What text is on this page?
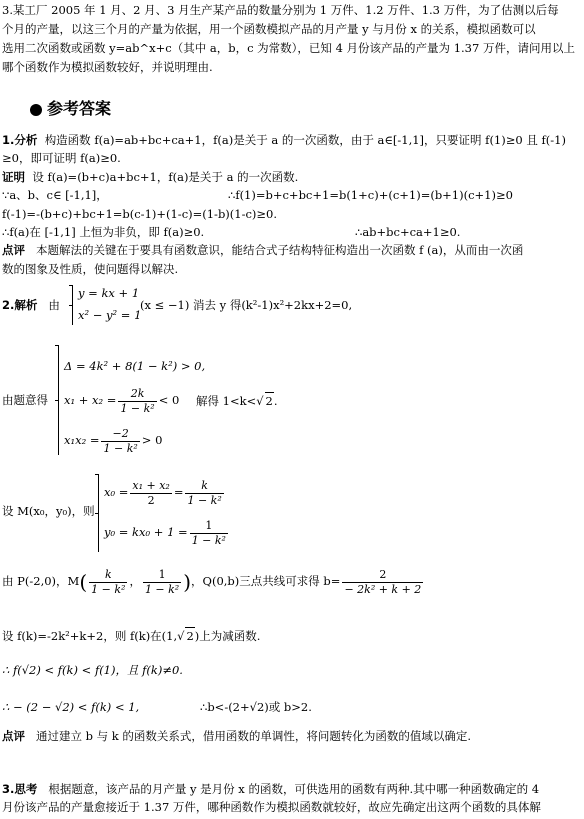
3.某工厂 2005 年 1 月、2 月、3 月生产某产品的数量分别为 1 万件、1.2 万件、1.3 万件，为了估测以后每
个月的产量，以这三个月的产量为依据，用一个函数模拟产品的月产量 y 与月份 x 的关系，模拟函数可以
选用二次函数或函数 y=ab^x+c（其中 a，b，c 为常数），已知 4 月份该产品的产量为 1.37 万件，请问用以上
哪个函数作为模拟函数较好，并说明理由.
参考答案
1.分析 构造函数 f(a)=ab+bc+ca+1，f(a)是关于 a 的一次函数，由于 a∈[-1,1]，只要证明 f(1)≥0 且 f(-1)
≥0，即可证明 f(a)≥0.
证明 设 f(a)=(b+c)a+bc+1，f(a)是关于 a 的一次函数.
∵a、b、c∈ [-1,1]，	∴f(1)=b+c+bc+1=b(1+c)+(c+1)=(b+1)(c+1)≥0
f(-1)=-(b+c)+bc+1=b(c-1)+(1-c)=(1-b)(1-c)≥0.
∴f(a)在 [-1,1] 上恒为非负，即 f(a)≥0.	∴ab+bc+ca+1≥0.
点评 本题解法的关键在于要具有函数意识，能结合式子结构特征构造出一次函数 f (a)，从而由一次函
数的图象及性质，使问题得以解决.
2.解析 由
y = kx + 1
x² − y² = 1
(x ≤ −1) 消去 y 得(k²-1)x²+2kx+2=0,
由题意得
Δ = 4k² + 8(1 − k²) > 0,
$x_1 + x_2 = \frac{2k}{\text{1 − k²}} < 0$	解得 1<k<√ 2.
$x_1x_2 = \frac{-2}{\text{1 − k²}} > 0$
设 M(x₀，y₀)，则
$x_0 = \frac{\text{x₁ + x₂}}{2} = \frac{k}{\text{1 − k²}}$
$y_0 = kx_0 + 1 = \frac{1}{\text{1 − k²}}$
由 P(-2,0)，$M( \frac{k}{\text{1 − k²}}$ ， $\frac{1}{\text{1 − k²}}$ )，Q(0,b)三点共线可求得 $b= \frac{2}{\text{− 2k² + k + 2}}$
设 f(k)=-2k²+k+2，则 f(k)在(1,√ 2)上为减函数.
∴ f(√2) < f(k) < f(1)，且 f(k)≠0.
∴ − (2 − √2) < f(k) < 1,	∴b<-(2+√2)或 b>2.
点评 通过建立 b 与 k 的函数关系式，借用函数的单调性，将问题转化为函数的值域以确定.
3.思考 根据题意，该产品的月产量 y 是月份 x 的函数，可供选用的函数有两种.其中哪一种函数确定的 4
月份该产品的产量愈接近于 1.37 万件，哪种函数作为模拟函数就较好，故应先确定出这两个函数的具体解
